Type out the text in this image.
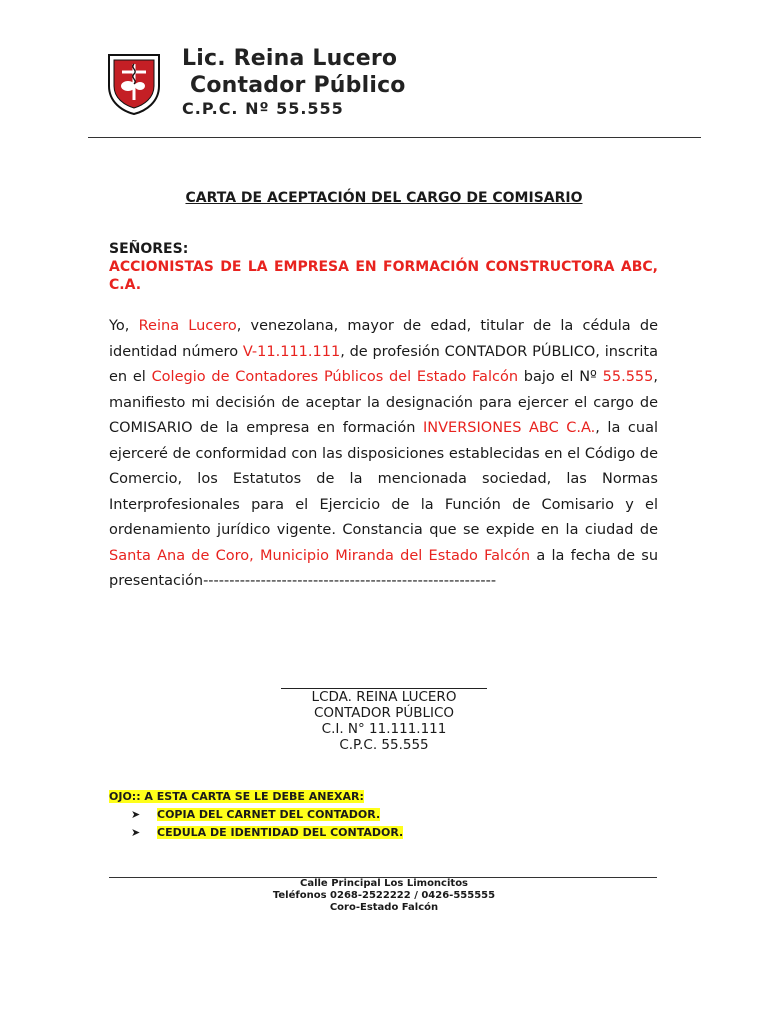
Lic. Reina Lucero
Contador Público
C.P.C. Nº 55.555
CARTA DE ACEPTACIÓN DEL CARGO DE COMISARIO
SEÑORES:
ACCIONISTAS DE LA EMPRESA EN FORMACIÓN CONSTRUCTORA ABC, C.A.
Yo, Reina Lucero, venezolana, mayor de edad, titular de la cédula de identidad número V-11.111.111, de profesión CONTADOR PÚBLICO, inscrita en el Colegio de Contadores Públicos del Estado Falcón bajo el Nº 55.555, manifiesto mi decisión de aceptar la designación para ejercer el cargo de COMISARIO de la empresa en formación INVERSIONES ABC C.A., la cual ejerceré de conformidad con las disposiciones establecidas en el Código de Comercio, los Estatutos de la mencionada sociedad, las Normas Interprofesionales para el Ejercicio de la Función de Comisario y el ordenamiento jurídico vigente. Constancia que se expide en la ciudad de Santa Ana de Coro, Municipio Miranda del Estado Falcón a la fecha de su presentación--------------------------------------------------------
LCDA. REINA LUCERO
CONTADOR PÚBLICO
C.I. N° 11.111.111
C.P.C. 55.555

OJO:: A ESTA CARTA SE LE DEBE ANEXAR:

➤ COPIA DEL CARNET DEL CONTADOR.
➤ CEDULA DE IDENTIDAD DEL CONTADOR.
Calle Principal Los Limoncitos
Teléfonos 0268-2522222 / 0426-555555
Coro-Estado Falcón
